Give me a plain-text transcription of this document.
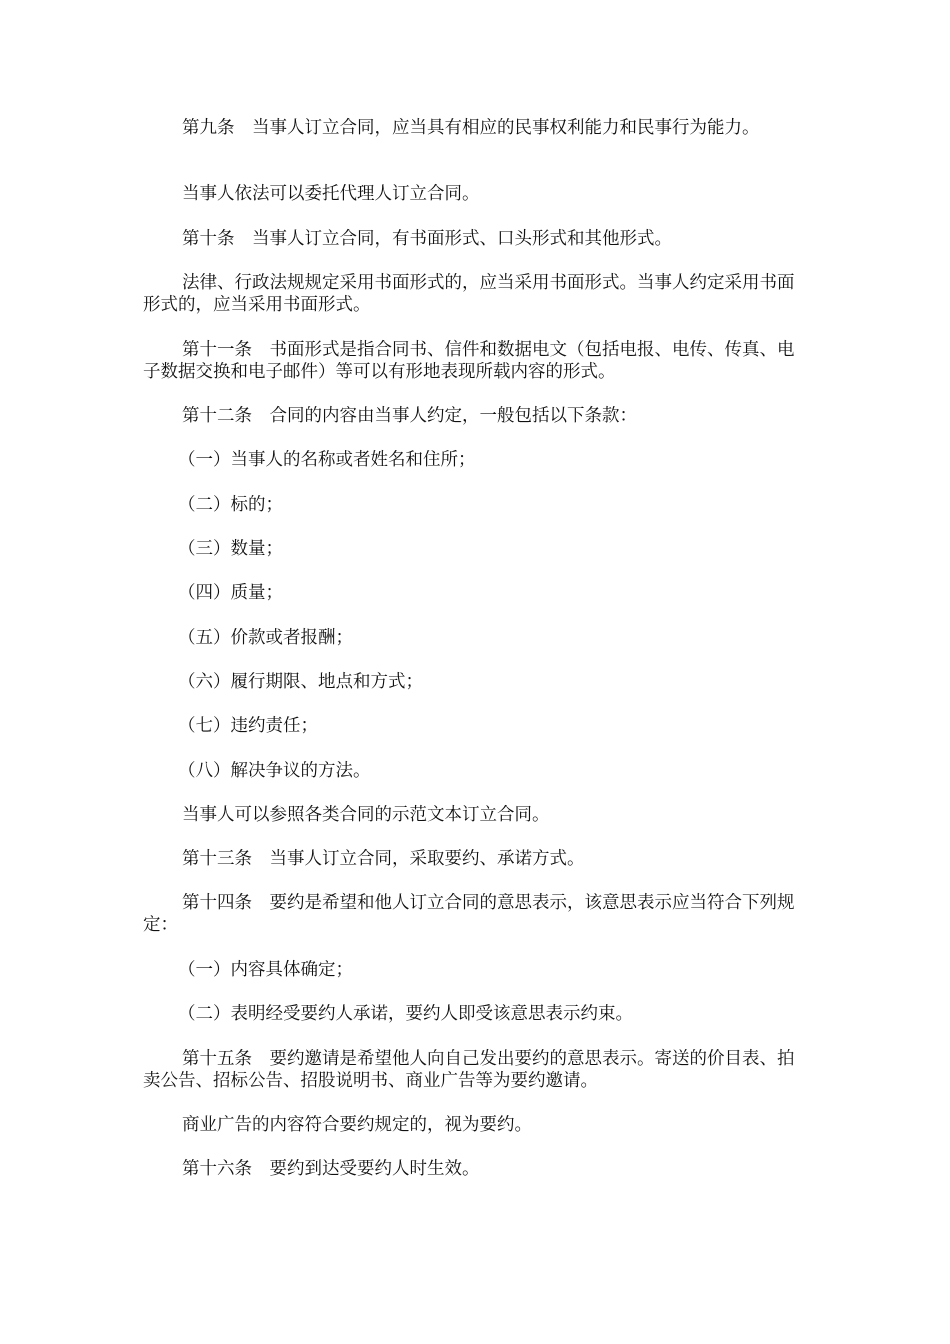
第九条　当事人订立合同，应当具有相应的民事权利能力和民事行为能力。

当事人依法可以委托代理人订立合同。

第十条　当事人订立合同，有书面形式、口头形式和其他形式。

法律、行政法规规定采用书面形式的，应当采用书面形式。当事人约定采用书面形式的，应当采用书面形式。

第十一条　书面形式是指合同书、信件和数据电文（包括电报、电传、传真、电子数据交换和电子邮件）等可以有形地表现所载内容的形式。

第十二条　合同的内容由当事人约定，一般包括以下条款：

（一）当事人的名称或者姓名和住所；

（二）标的；

（三）数量；

（四）质量；

（五）价款或者报酬；

（六）履行期限、地点和方式；

（七）违约责任；

（八）解决争议的方法。

当事人可以参照各类合同的示范文本订立合同。

第十三条　当事人订立合同，采取要约、承诺方式。

第十四条　要约是希望和他人订立合同的意思表示，该意思表示应当符合下列规定：

（一）内容具体确定；

（二）表明经受要约人承诺，要约人即受该意思表示约束。

第十五条　要约邀请是希望他人向自己发出要约的意思表示。寄送的价目表、拍卖公告、招标公告、招股说明书、商业广告等为要约邀请。

商业广告的内容符合要约规定的，视为要约。

第十六条　要约到达受要约人时生效。
